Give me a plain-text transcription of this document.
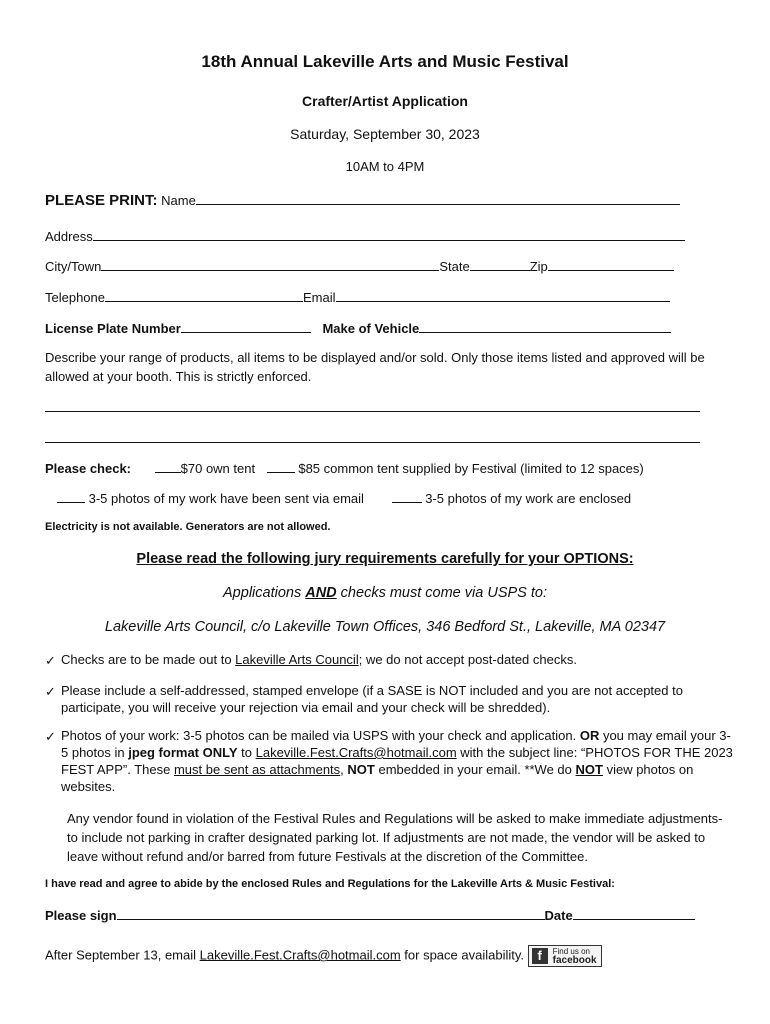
18th Annual Lakeville Arts and Music Festival
Crafter/Artist Application
Saturday, September 30, 2023
10AM to 4PM
PLEASE PRINT: Name
Address
City/Town	State	Zip
Telephone	Email
License Plate Number	Make of Vehicle
Describe your range of products, all items to be displayed and/or sold. Only those items listed and approved will be allowed at your booth. This is strictly enforced.
Please check:	$70 own tent	$85 common tent supplied by Festival (limited to 12 spaces)
3-5 photos of my work have been sent via email	3-5 photos of my work are enclosed
Electricity is not available. Generators are not allowed.
Please read the following jury requirements carefully for your OPTIONS:
Applications AND checks must come via USPS to:
Lakeville Arts Council, c/o Lakeville Town Offices, 346 Bedford St., Lakeville, MA 02347
✓ Checks are to be made out to Lakeville Arts Council; we do not accept post-dated checks.
✓ Please include a self-addressed, stamped envelope (if a SASE is NOT included and you are not accepted to participate, you will receive your rejection via email and your check will be shredded).
✓ Photos of your work: 3-5 photos can be mailed via USPS with your check and application. OR you may email your 3-5 photos in jpeg format ONLY to Lakeville.Fest.Crafts@hotmail.com with the subject line: “PHOTOS FOR THE 2023 FEST APP”. These must be sent as attachments, NOT embedded in your email. **We do NOT view photos on websites.
Any vendor found in violation of the Festival Rules and Regulations will be asked to make immediate adjustments- to include not parking in crafter designated parking lot. If adjustments are not made, the vendor will be asked to leave without refund and/or barred from future Festivals at the discretion of the Committee.
I have read and agree to abide by the enclosed Rules and Regulations for the Lakeville Arts & Music Festival:
Please sign	Date
After September 13, email Lakeville.Fest.Crafts@hotmail.com for space availability.	f	Find us on
facebook
